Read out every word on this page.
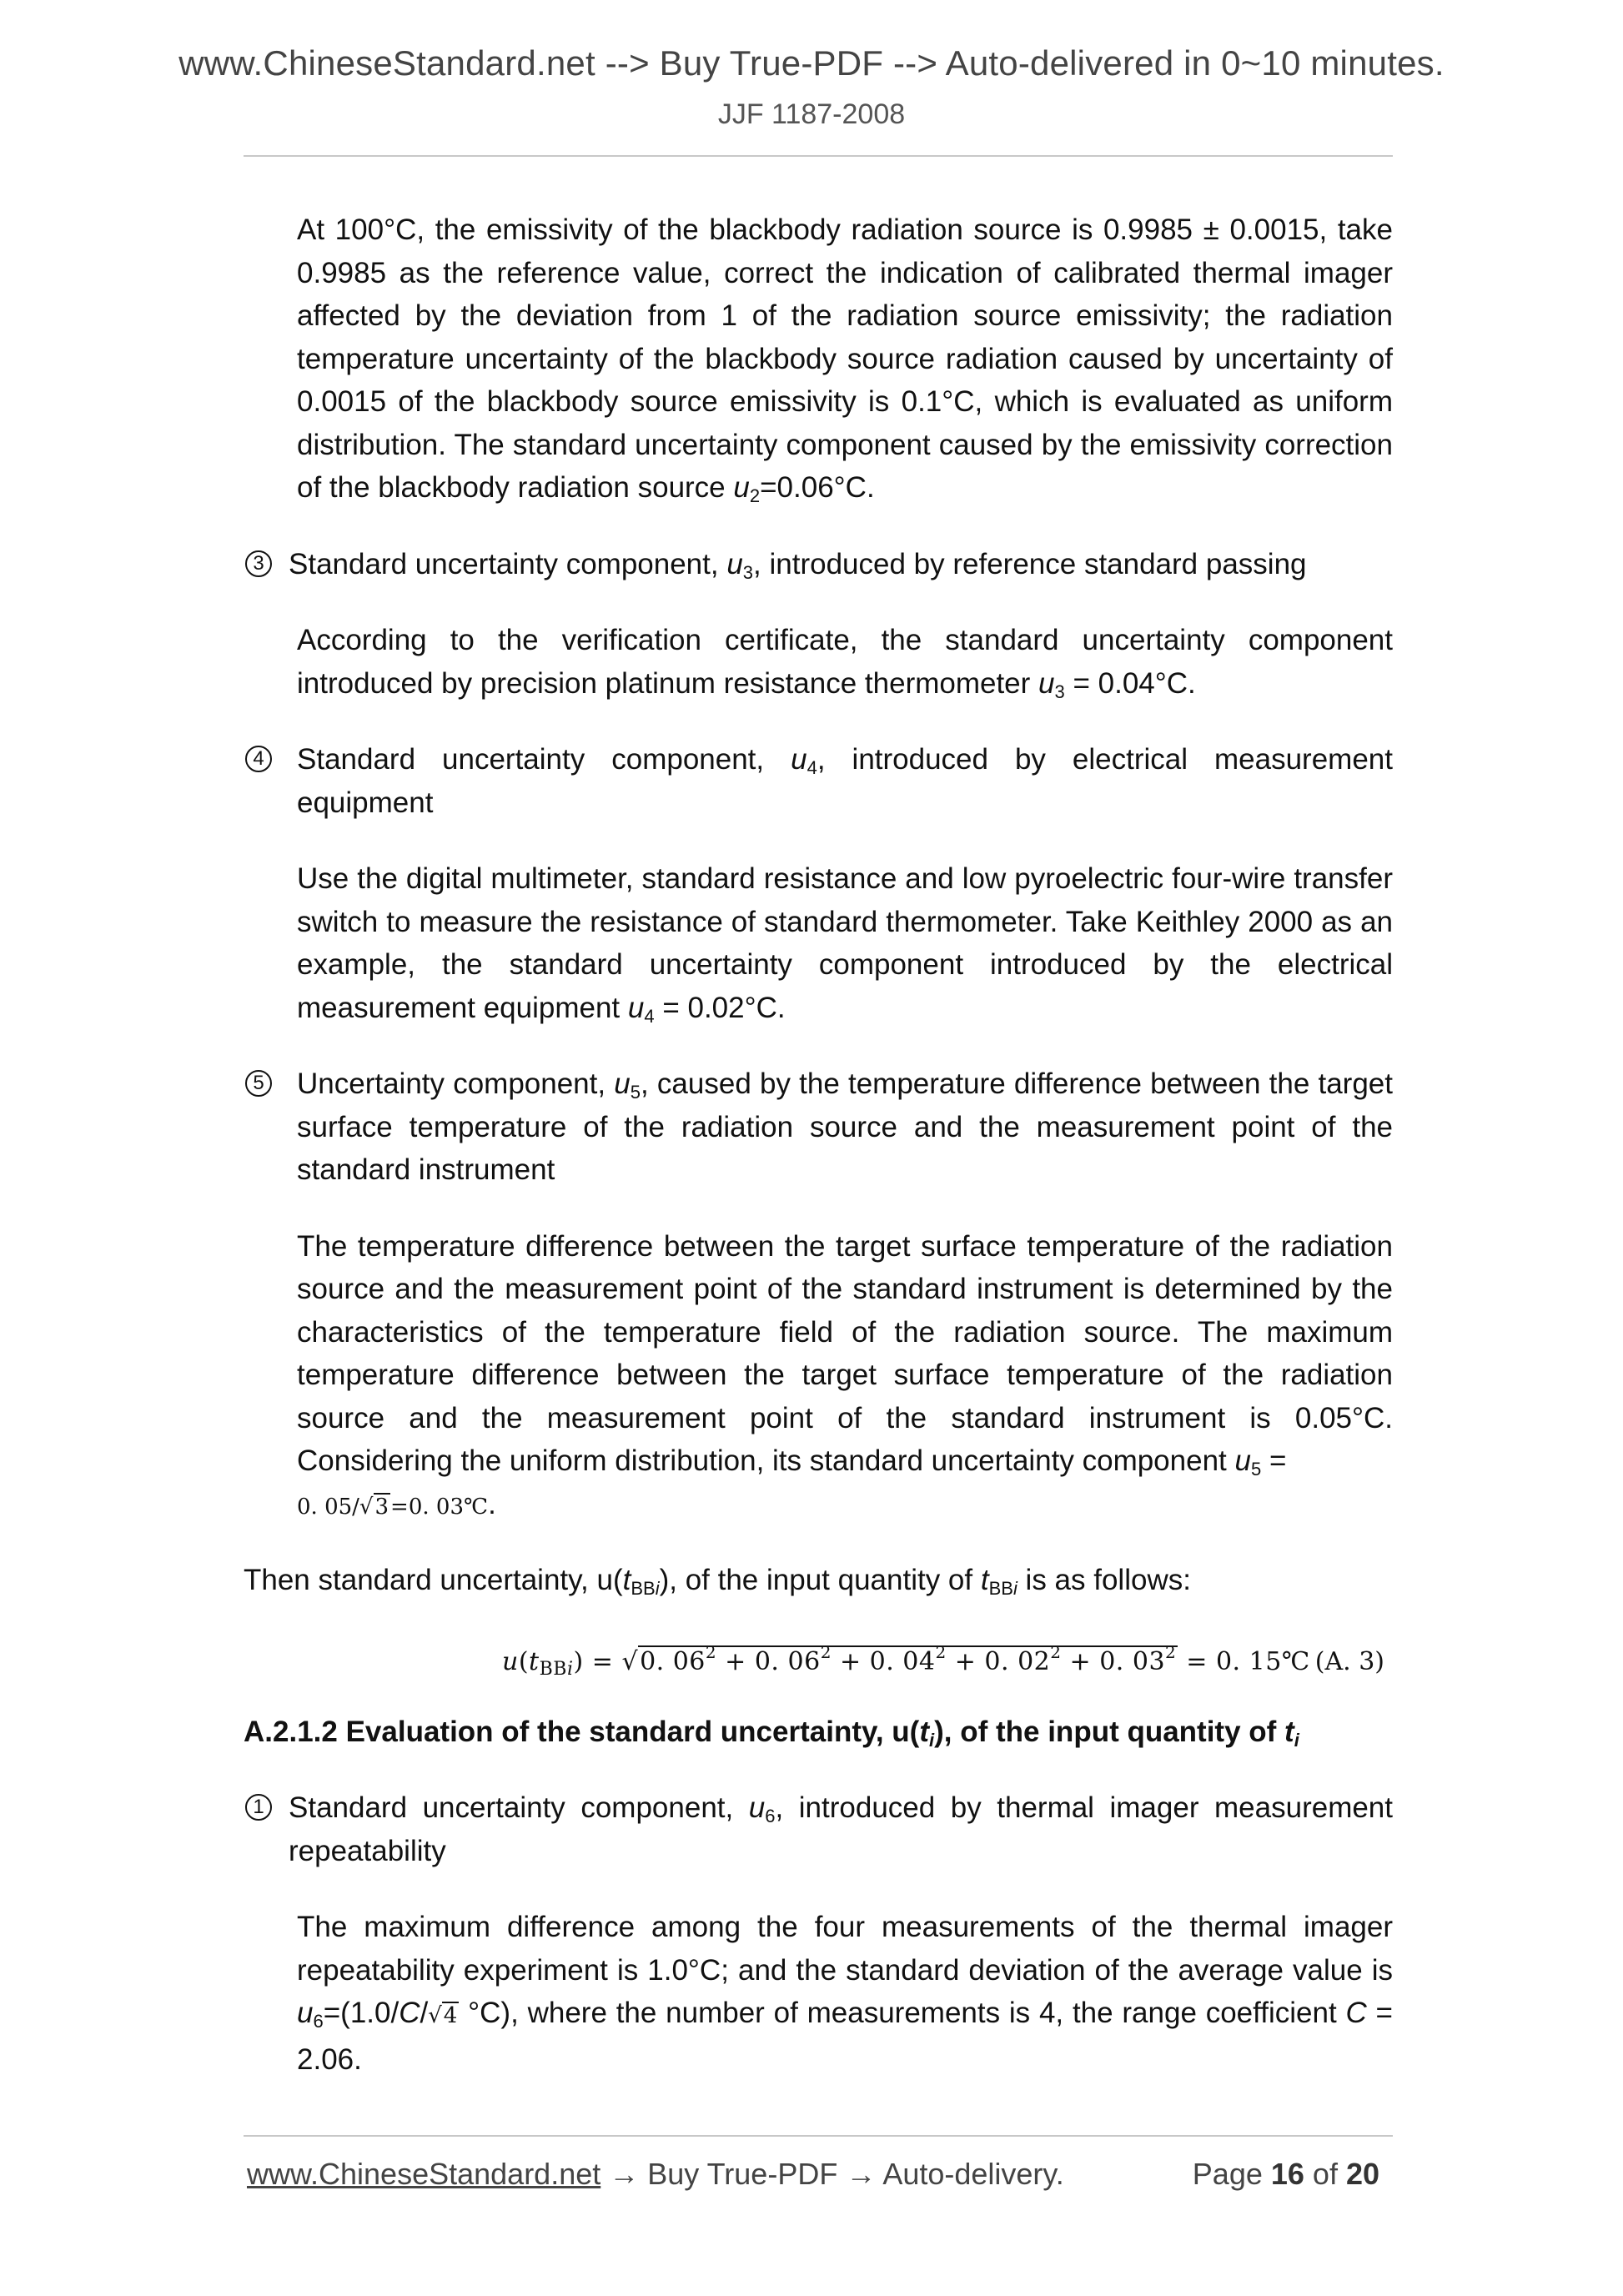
www.ChineseStandard.net --> Buy True-PDF --> Auto-delivered in 0~10 minutes.
JJF 1187-2008

At 100°C, the emissivity of the blackbody radiation source is 0.9985 ± 0.0015, take 0.9985 as the reference value, correct the indication of calibrated thermal imager affected by the deviation from 1 of the radiation source emissivity; the radiation temperature uncertainty of the blackbody source radiation caused by uncertainty of 0.0015 of the blackbody source emissivity is 0.1°C, which is evaluated as uniform distribution. The standard uncertainty component caused by the emissivity correction of the blackbody radiation source $u_2=0.06^\circ C$.

3 Standard uncertainty component, $u_3$, introduced by reference standard passing

According to the verification certificate, the standard uncertainty component introduced by precision platinum resistance thermometer $u_3 = 0.04^\circ C$.

4 Standard uncertainty component, $u_4$, introduced by electrical measurement equipment

Use the digital multimeter, standard resistance and low pyroelectric four-wire transfer switch to measure the resistance of standard thermometer. Take Keithley 2000 as an example, the standard uncertainty component introduced by the electrical measurement equipment $u_4 = 0.02^\circ C$.

5 Uncertainty component, $u_5$, caused by the temperature difference between the target surface temperature of the radiation source and the measurement point of the standard instrument

The temperature difference between the target surface temperature of the radiation source and the measurement point of the standard instrument is determined by the characteristics of the temperature field of the radiation source. The maximum temperature difference between the target surface temperature of the radiation source and the measurement point of the standard instrument is 0.05°C. Considering the uniform distribution, its standard uncertainty component $u_5$ =
0. 05/√3=0. 03℃.

Then standard uncertainty, $u(t_{BBi})$, of the input quantity of $t_{BBi}$ is as follows:

$u(t_{BBi}) = √0$. $06^2 + 0$. $06^2 + 0$. $04^2 + 0$. $02^2 + 0$. $03^2 = 0$. 15℃ (A. 3)

A.2.1.2 Evaluation of the standard uncertainty, $u(t_i)$, of the input quantity of $t_i$

1 Standard uncertainty component, $u_6$, introduced by thermal imager measurement repeatability

The maximum difference among the four measurements of the thermal imager repeatability experiment is 1.0°C; and the standard deviation of the average value is $u_6=(1.0/C/√4$ °C), where the number of measurements is 4, the range coefficient C = 2.06.

www.ChineseStandard.net → Buy True-PDF → Auto-delivery.	Page 16 of 20
